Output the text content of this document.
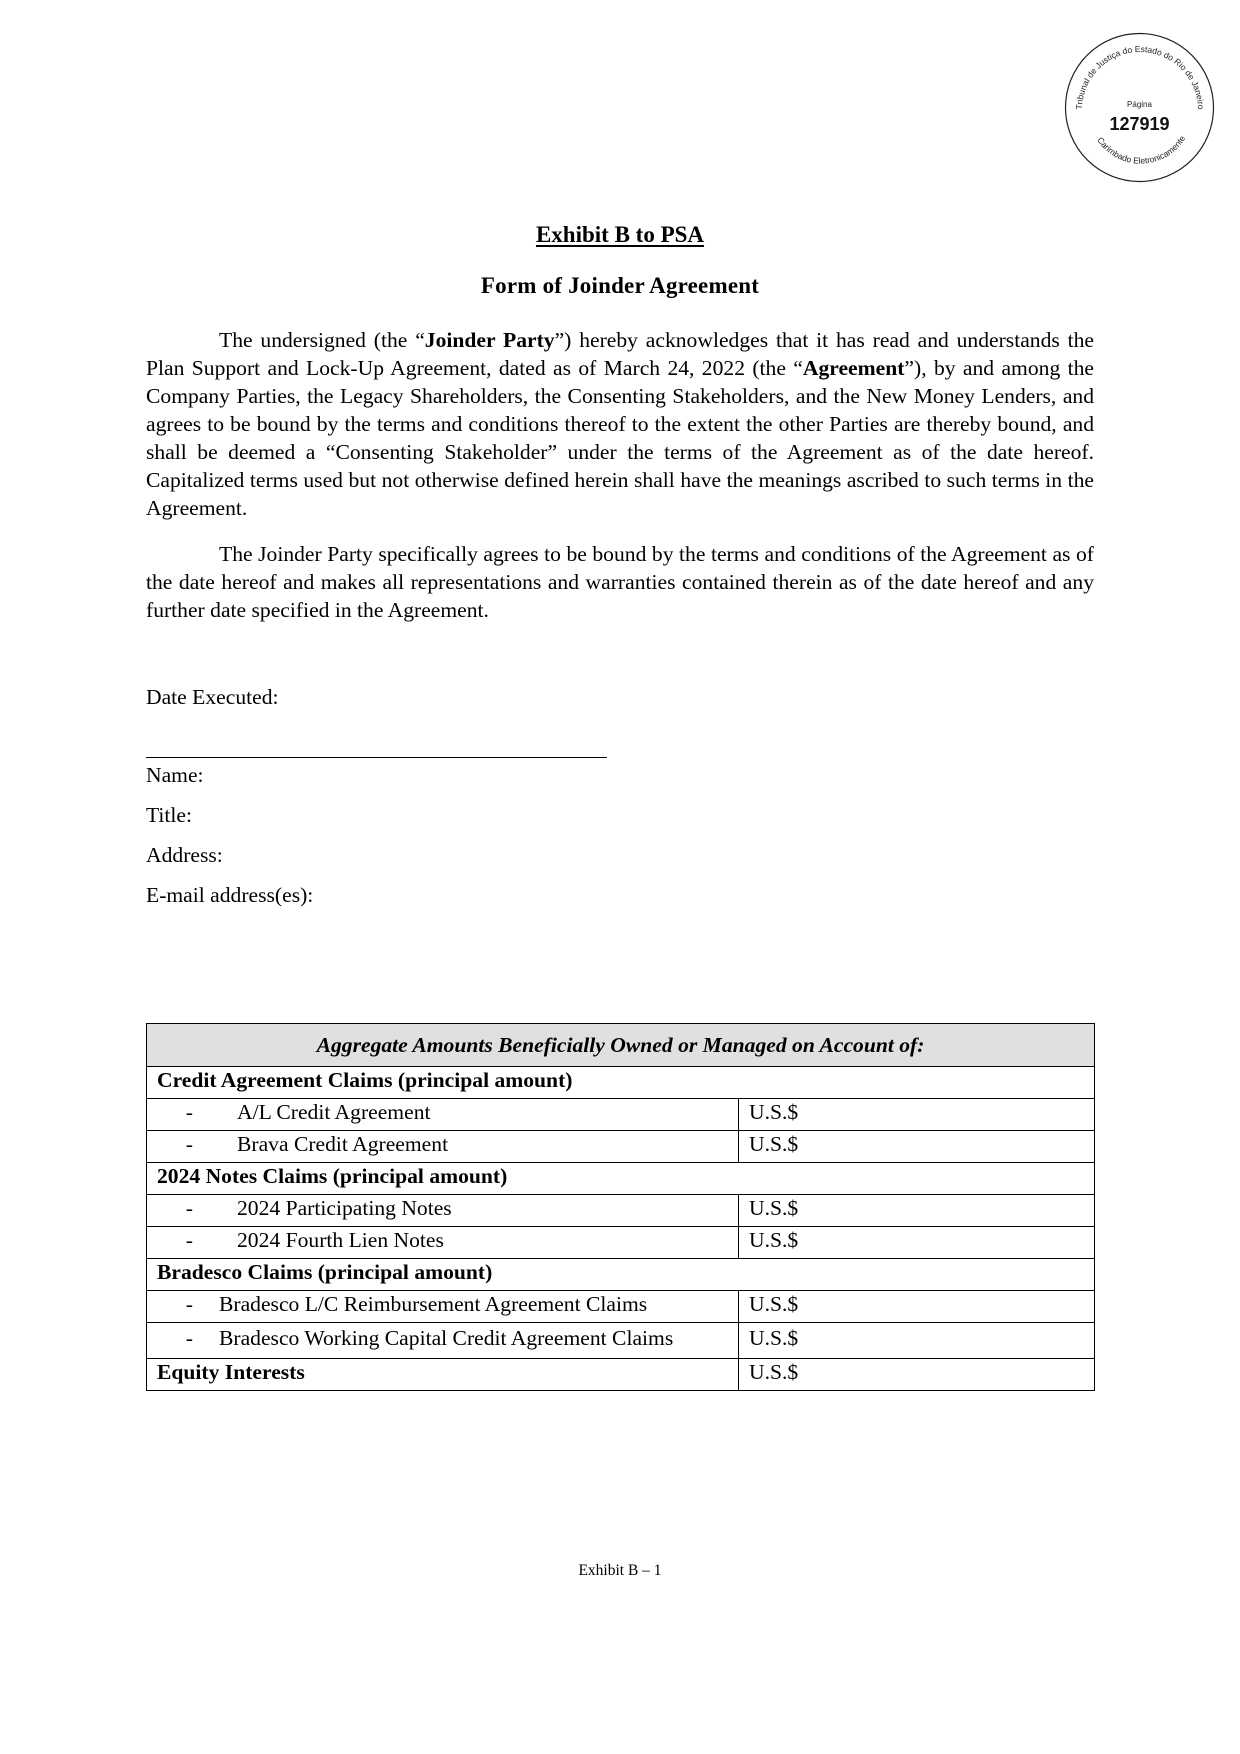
Tribunal de Justiça do Estado do Rio de Janeiro
Página
127919
Carimbado Eletronicamente

Exhibit B to PSA

Form of Joinder Agreement

The undersigned (the “Joinder Party”) hereby acknowledges that it has read and understands the Plan Support and Lock-Up Agreement, dated as of March 24, 2022 (the “Agreement”), by and among the Company Parties, the Legacy Shareholders, the Consenting Stakeholders, and the New Money Lenders, and agrees to be bound by the terms and conditions thereof to the extent the other Parties are thereby bound, and shall be deemed a “Consenting Stakeholder” under the terms of the Agreement as of the date hereof. Capitalized terms used but not otherwise defined herein shall have the meanings ascribed to such terms in the Agreement.

The Joinder Party specifically agrees to be bound by the terms and conditions of the Agreement as of the date hereof and makes all representations and warranties contained therein as of the date hereof and any further date specified in the Agreement.

Date Executed:

Name:

Title:

Address:

E-mail address(es):

Aggregate Amounts Beneficially Owned or Managed on Account of:	
Credit Agreement Claims (principal amount)	
- A/L Credit Agreement	U.S.$
- Brava Credit Agreement	U.S.$
2024 Notes Claims (principal amount)	
- 2024 Participating Notes	U.S.$
- 2024 Fourth Lien Notes	U.S.$
Bradesco Claims (principal amount)	
- Bradesco L/C Reimbursement Agreement Claims	U.S.$

- Bradesco Working Capital Credit Agreement Claims	U.S.$
Equity Interests	U.S.$

Exhibit B – 1
